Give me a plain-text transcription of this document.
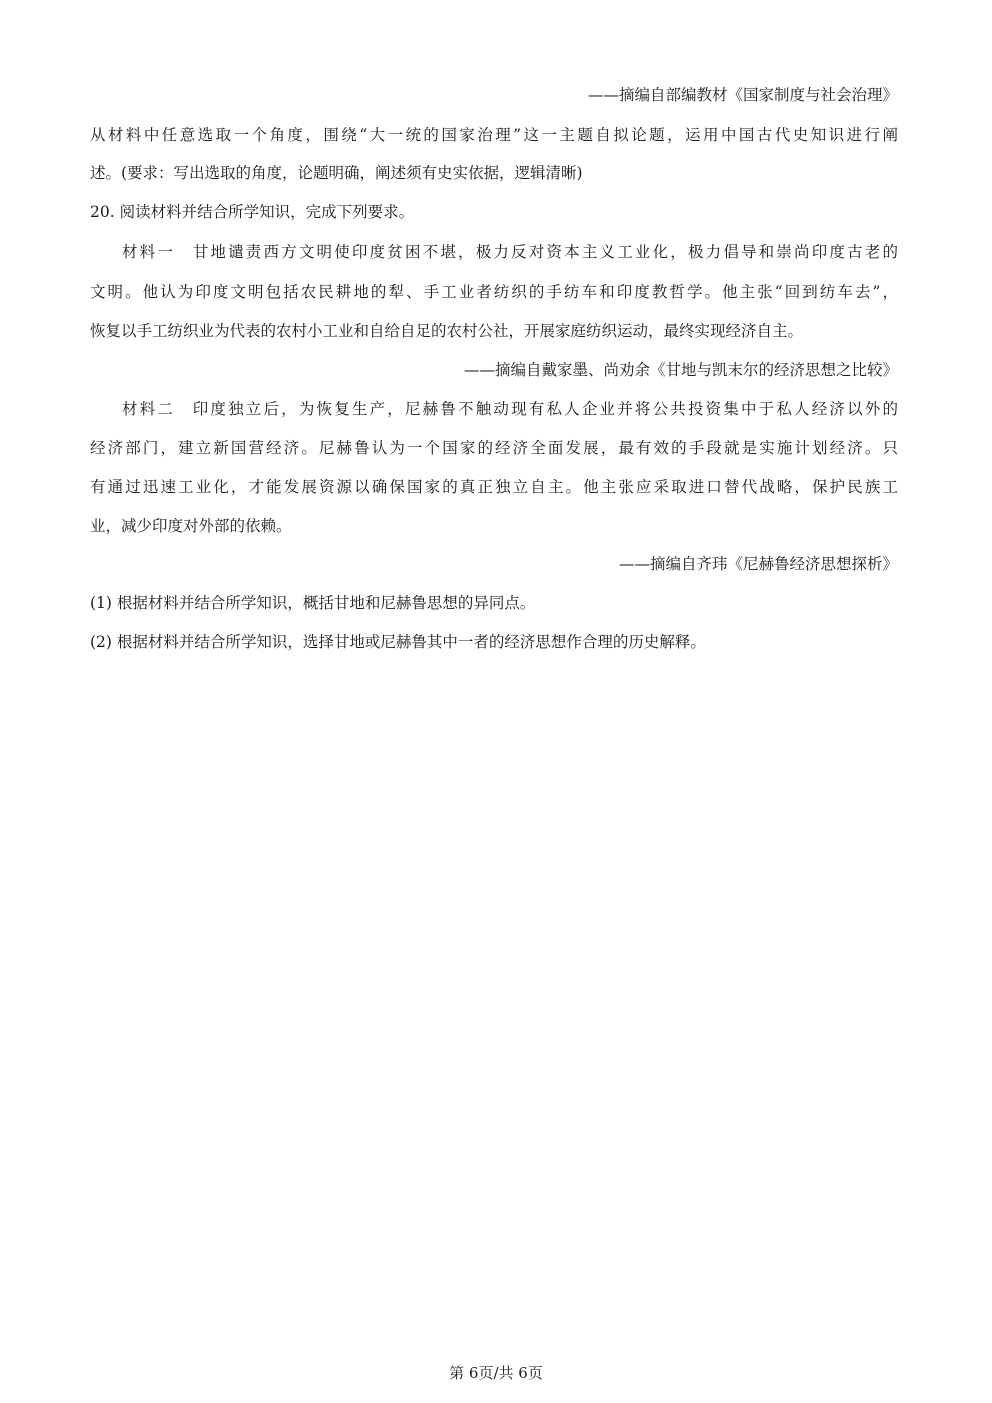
——摘编自部编教材《国家制度与社会治理》
从材料中任意选取一个角度，围绕“大一统的国家治理”这一主题自拟论题，运用中国古代史知识进行阐
述。(要求：写出选取的角度，论题明确，阐述须有史实依据，逻辑清晰)
20. 阅读材料并结合所学知识，完成下列要求。
材料一　甘地谴责西方文明使印度贫困不堪，极力反对资本主义工业化，极力倡导和崇尚印度古老的
文明。他认为印度文明包括农民耕地的犁、手工业者纺织的手纺车和印度教哲学。他主张“回到纺车去”，
恢复以手工纺织业为代表的农村小工业和自给自足的农村公社，开展家庭纺织运动，最终实现经济自主。
——摘编自戴家墨、尚劝余《甘地与凯末尔的经济思想之比较》
材料二　印度独立后，为恢复生产，尼赫鲁不触动现有私人企业并将公共投资集中于私人经济以外的
经济部门，建立新国营经济。尼赫鲁认为一个国家的经济全面发展，最有效的手段就是实施计划经济。只
有通过迅速工业化，才能发展资源以确保国家的真正独立自主。他主张应采取进口替代战略，保护民族工
业，减少印度对外部的依赖。
——摘编自齐玮《尼赫鲁经济思想探析》
(1) 根据材料并结合所学知识，概括甘地和尼赫鲁思想的异同点。
(2) 根据材料并结合所学知识，选择甘地或尼赫鲁其中一者的经济思想作合理的历史解释。
第 6页/共 6页
